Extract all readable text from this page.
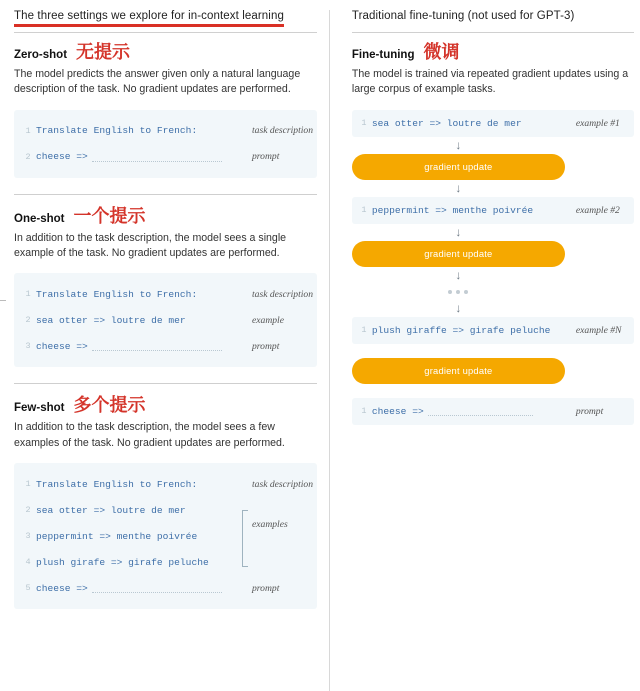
The three settings we explore for in-context learning
Zero-shot 无提示
The model predicts the answer given only a natural language description of the task. No gradient updates are performed.
1 Translate English to French:	task description
2 cheese =>	prompt
One-shot 一个提示
In addition to the task description, the model sees a single example of the task. No gradient updates are performed.
1 Translate English to French:	task description
2 sea otter => loutre de mer	example
3 cheese =>	prompt
Few-shot 多个提示
In addition to the task description, the model sees a few examples of the task. No gradient updates are performed.
1 Translate English to French:	task description
2 sea otter => loutre de mer
examples
3 peppermint => menthe poivrée
4 plush girafe => girafe peluche
5 cheese =>	prompt
Traditional fine-tuning (not used for GPT-3)
Fine-tuning 微调
The model is trained via repeated gradient updates using a large corpus of example tasks.
1 sea otter => loutre de mer	example #1
↓
gradient update
↓
1 peppermint => menthe poivrée	example #2
↓
gradient update
↓
↓
1 plush giraffe => girafe peluche	example #N
gradient update
1 cheese =>	prompt
